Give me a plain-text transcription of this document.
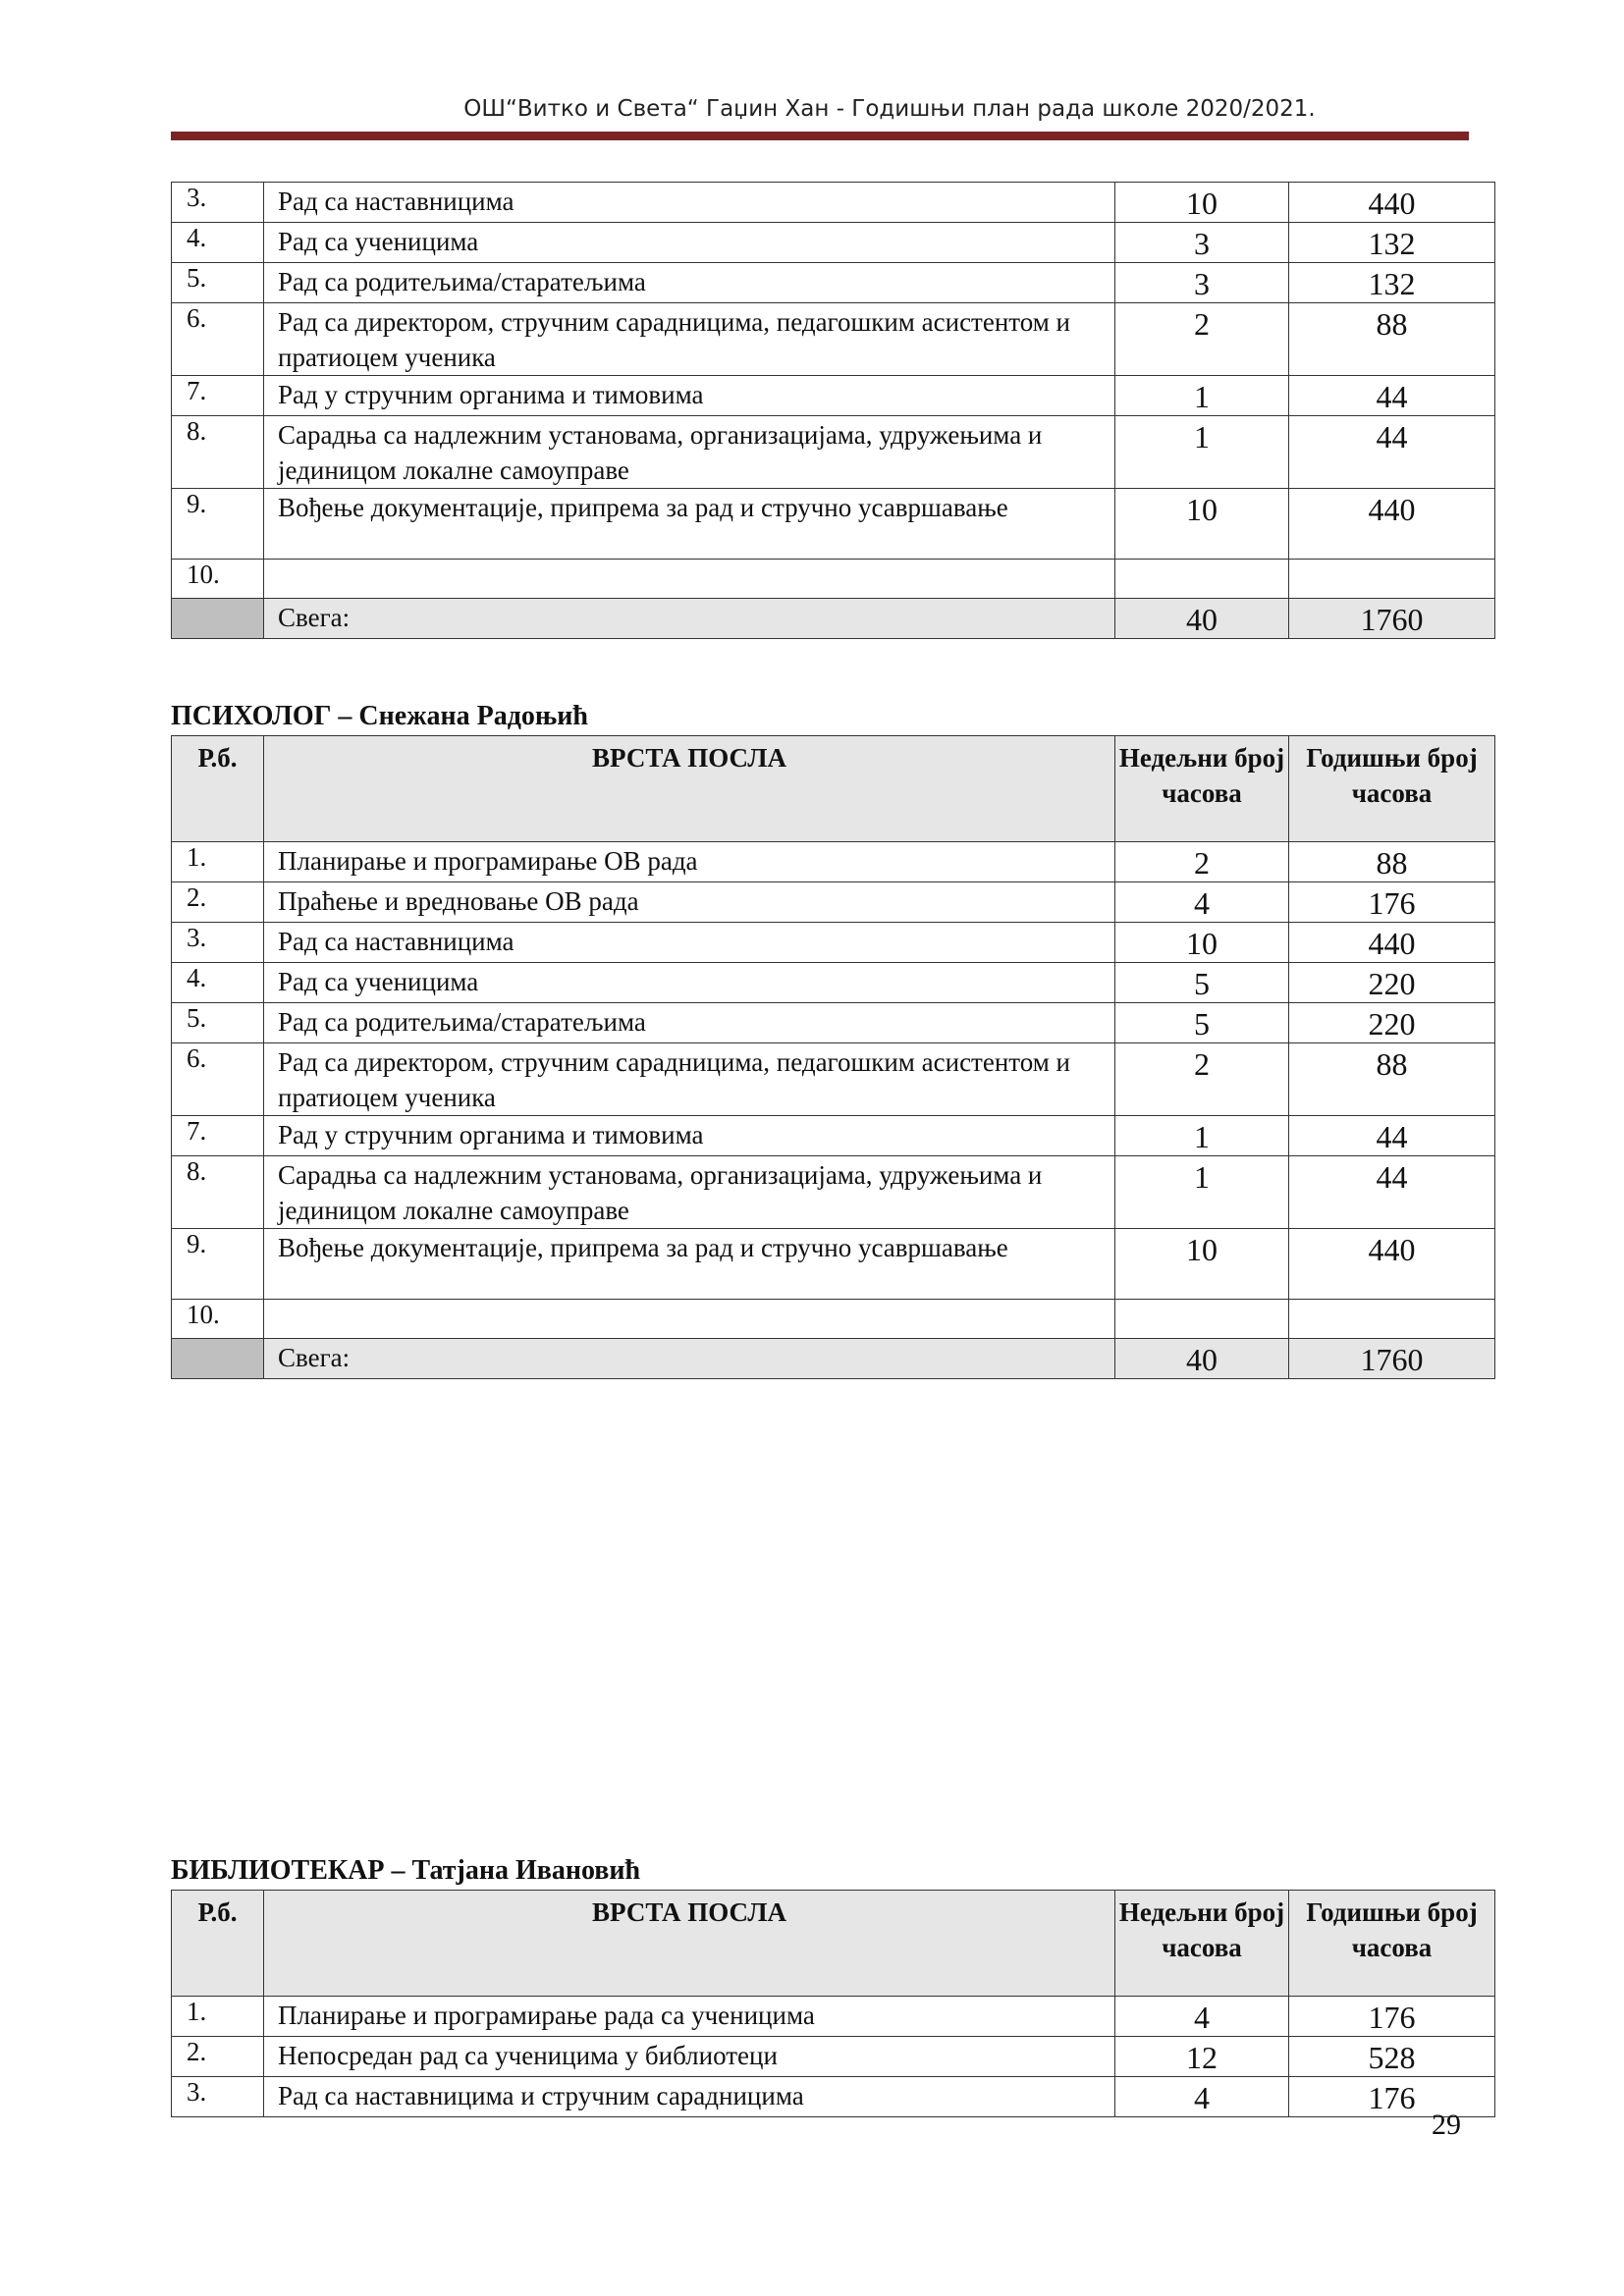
ОШ“Витко и Света“ Гаџин Хан - Годишњи план рада школе 2020/2021.
3.	Рад са наставницима	10	440
4.	Рад са ученицима	3	132
5.	Рад са родитељима/старатељима	3	132
6.	Рад са директором, стручним сарадницима, педагошким асистентом и пратиоцем ученика	2	88
7.	Рад у стручним органима и тимовима	1	44
8.	Сарадња са надлежним установама, организацијама, удружењима и јединицом локалне самоуправе	1	44
9.	Вођење документације, припрема за рад и стручно усавршавање	10	440
10.			
	Свега:	40	1760
ПСИХОЛОГ – Снежана Радоњић
Р.б.	ВРСТА ПОСЛА	Недељни број часова	Годишњи број часова
1.	Планирање и програмирање ОВ рада	2	88
2.	Праћење и вредновање ОВ рада	4	176
3.	Рад са наставницима	10	440
4.	Рад са ученицима	5	220
5.	Рад са родитељима/старатељима	5	220
6.	Рад са директором, стручним сарадницима, педагошким асистентом и пратиоцем ученика	2	88
7.	Рад у стручним органима и тимовима	1	44
8.	Сарадња са надлежним установама, организацијама, удружењима и јединицом локалне самоуправе	1	44
9.	Вођење документације, припрема за рад и стручно усавршавање	10	440
10.			
	Свега:	40	1760
БИБЛИОТЕКАР – Татјана Ивановић
Р.б.	ВРСТА ПОСЛА	Недељни број часова	Годишњи број часова
1.	Планирање и програмирање рада са ученицима	4	176
2.	Непосредан рад са ученицима у библиотеци	12	528
3.	Рад са наставницима и стручним сарадницима	4	176
29
